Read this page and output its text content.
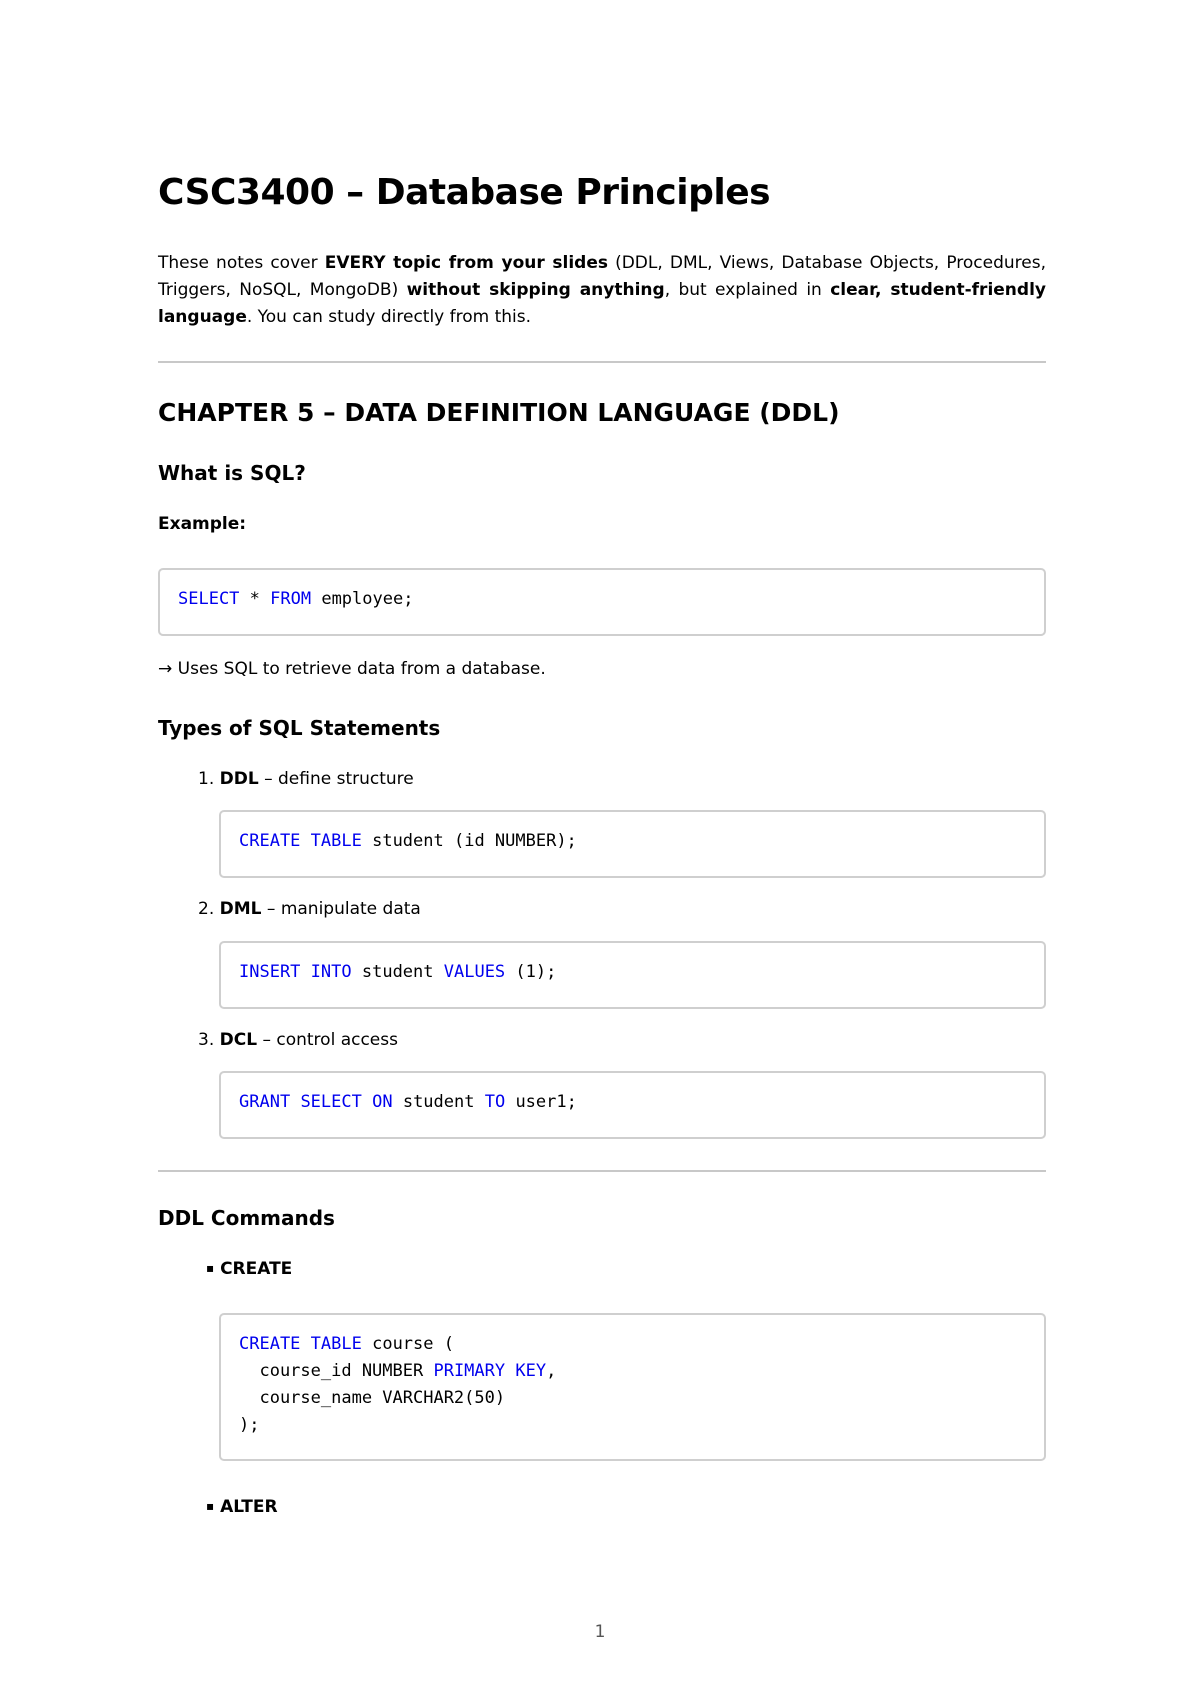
CSC3400 – Database Principles

These notes cover EVERY topic from your slides (DDL, DML, Views, Database Objects, Procedures, Triggers, NoSQL, MongoDB) without skipping anything, but explained in clear, student-friendly language. You can study directly from this.

CHAPTER 5 – DATA DEFINITION LANGUAGE (DDL)
What is SQL?

Example:

SELECT * FROM employee;

→ Uses SQL to retrieve data from a database.

Types of SQL Statements

1. DDL – define structure

CREATE TABLE student (id NUMBER);

2. DML – manipulate data

INSERT INTO student VALUES (1);

3. DCL – control access

GRANT SELECT ON student TO user1;
DDL Commands

▪ CREATE

CREATE TABLE course (
course_id NUMBER PRIMARY KEY,
course_name VARCHAR2(50)
);

▪ ALTER

1
